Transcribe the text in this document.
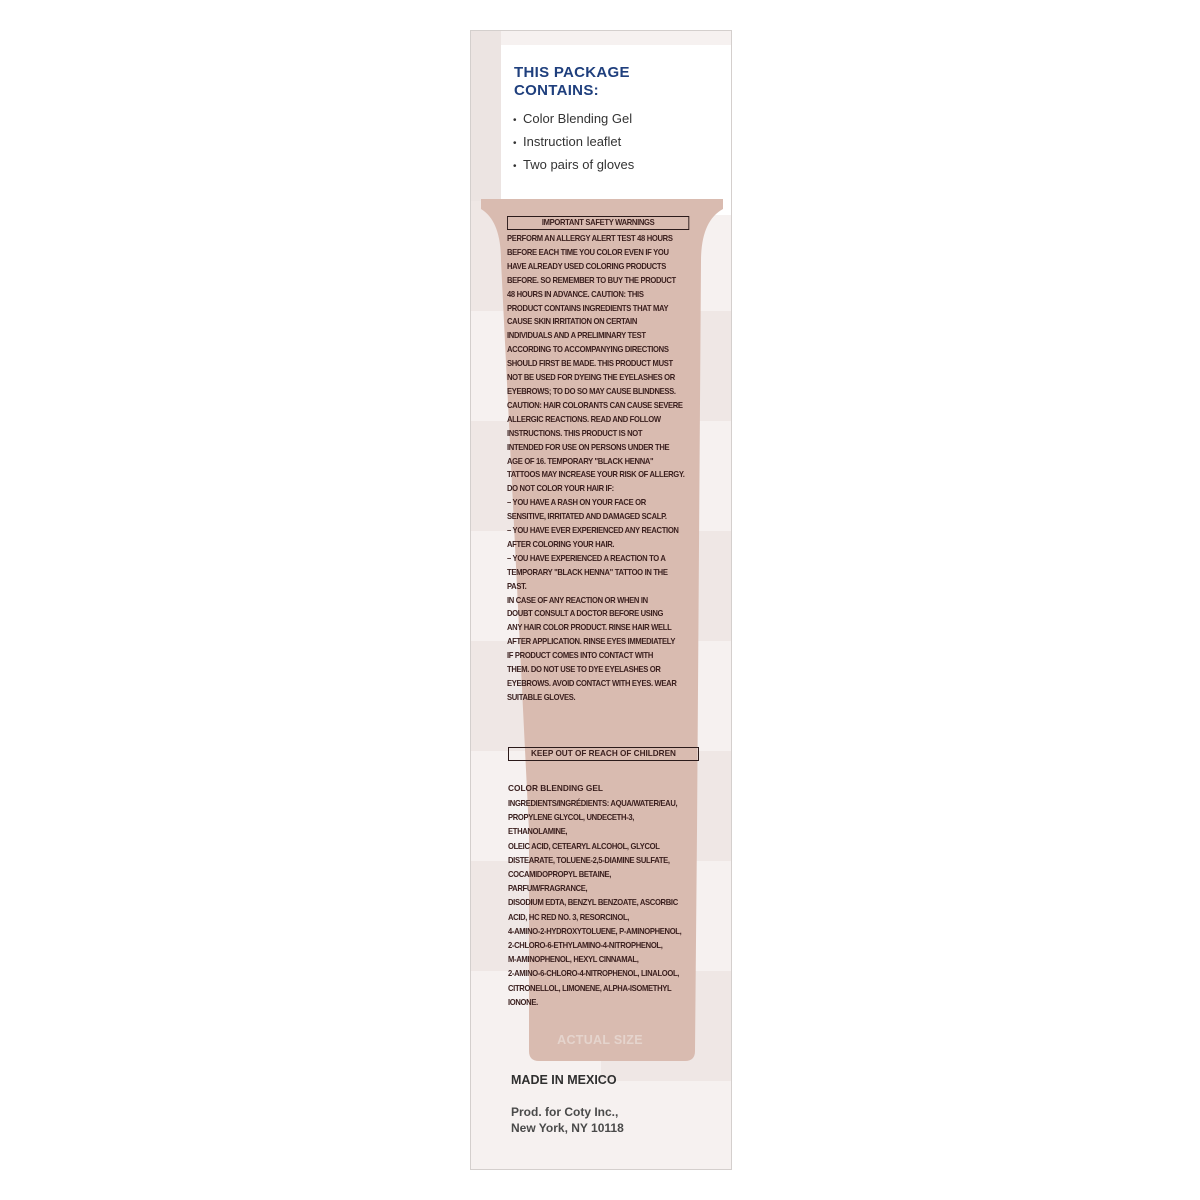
THIS PACKAGE CONTAINS:
• Color Blending Gel
• Instruction leaflet
• Two pairs of gloves
IMPORTANT SAFETY WARNINGS
PERFORM AN ALLERGY ALERT TEST 48 HOURS
BEFORE EACH TIME YOU COLOR EVEN IF YOU
HAVE ALREADY USED COLORING PRODUCTS
BEFORE. SO REMEMBER TO BUY THE PRODUCT
48 HOURS IN ADVANCE. CAUTION: THIS
PRODUCT CONTAINS INGREDIENTS THAT MAY
CAUSE SKIN IRRITATION ON CERTAIN
INDIVIDUALS AND A PRELIMINARY TEST
ACCORDING TO ACCOMPANYING DIRECTIONS
SHOULD FIRST BE MADE. THIS PRODUCT MUST
NOT BE USED FOR DYEING THE EYELASHES OR
EYEBROWS; TO DO SO MAY CAUSE BLINDNESS.
CAUTION: HAIR COLORANTS CAN CAUSE SEVERE
ALLERGIC REACTIONS. READ AND FOLLOW
INSTRUCTIONS. THIS PRODUCT IS NOT
INTENDED FOR USE ON PERSONS UNDER THE
AGE OF 16. TEMPORARY "BLACK HENNA"
TATTOOS MAY INCREASE YOUR RISK OF ALLERGY.
DO NOT COLOR YOUR HAIR IF:
– YOU HAVE A RASH ON YOUR FACE OR
SENSITIVE, IRRITATED AND DAMAGED SCALP.
– YOU HAVE EVER EXPERIENCED ANY REACTION
AFTER COLORING YOUR HAIR.
– YOU HAVE EXPERIENCED A REACTION TO A
TEMPORARY "BLACK HENNA" TATTOO IN THE
PAST.
IN CASE OF ANY REACTION OR WHEN IN
DOUBT CONSULT A DOCTOR BEFORE USING
ANY HAIR COLOR PRODUCT. RINSE HAIR WELL
AFTER APPLICATION. RINSE EYES IMMEDIATELY
IF PRODUCT COMES INTO CONTACT WITH
THEM. DO NOT USE TO DYE EYELASHES OR
EYEBROWS. AVOID CONTACT WITH EYES. WEAR
SUITABLE GLOVES.
KEEP OUT OF REACH OF CHILDREN
COLOR BLENDING GEL
INGREDIENTS/INGRÉDIENTS: AQUA/WATER/EAU,
PROPYLENE GLYCOL, UNDECETH-3, ETHANOLAMINE,
OLEIC ACID, CETEARYL ALCOHOL, GLYCOL
DISTEARATE, TOLUENE-2,5-DIAMINE SULFATE,
COCAMIDOPROPYL BETAINE, PARFUM/FRAGRANCE,
DISODIUM EDTA, BENZYL BENZOATE, ASCORBIC
ACID, HC RED NO. 3, RESORCINOL,
4-AMINO-2-HYDROXYTOLUENE, P-AMINOPHENOL,
2-CHLORO-6-ETHYLAMINO-4-NITROPHENOL,
M-AMINOPHENOL, HEXYL CINNAMAL,
2-AMINO-6-CHLORO-4-NITROPHENOL, LINALOOL,
CITRONELLOL, LIMONENE, ALPHA-ISOMETHYL
IONONE.
ACTUAL SIZE
MADE IN MEXICO
Prod. for Coty Inc.,
New York, NY 10118
